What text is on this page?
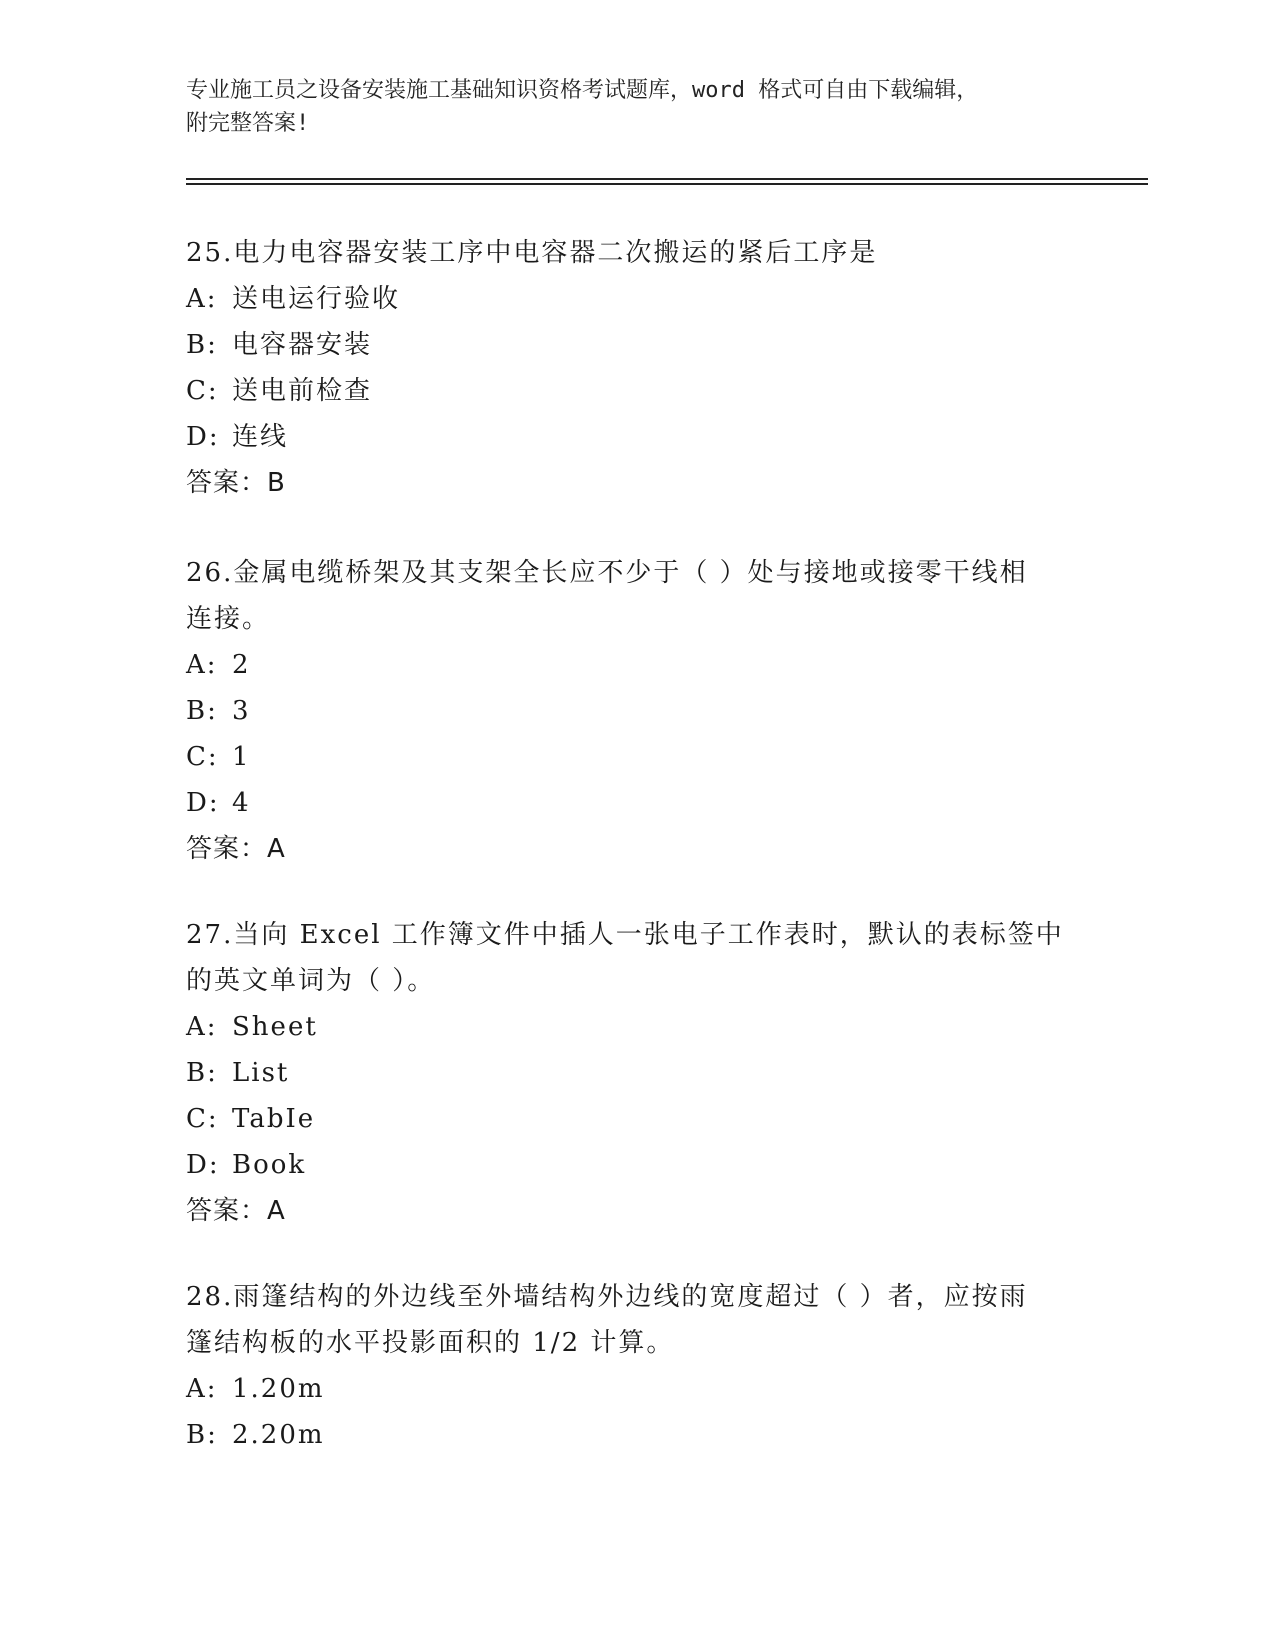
专业施工员之设备安装施工基础知识资格考试题库，word 格式可自由下载编辑，
附完整答案!
25.电力电容器安装工序中电容器二次搬运的紧后工序是
A: 送电运行验收
B: 电容器安装
C: 送电前检查
D: 连线
答案：B
26.金属电缆桥架及其支架全长应不少于（ ）处与接地或接零干线相
连接。
A: 2
B: 3
C: 1
D: 4
答案：A
27.当向 Excel 工作簿文件中插人一张电子工作表时，默认的表标签中
的英文单词为（ ）。
A: Sheet
B: List
C: TabIe
D: Book
答案：A
28.雨篷结构的外边线至外墙结构外边线的宽度超过（ ）者，应按雨
篷结构板的水平投影面积的 1/2 计算。
A: 1.20m
B: 2.20m
